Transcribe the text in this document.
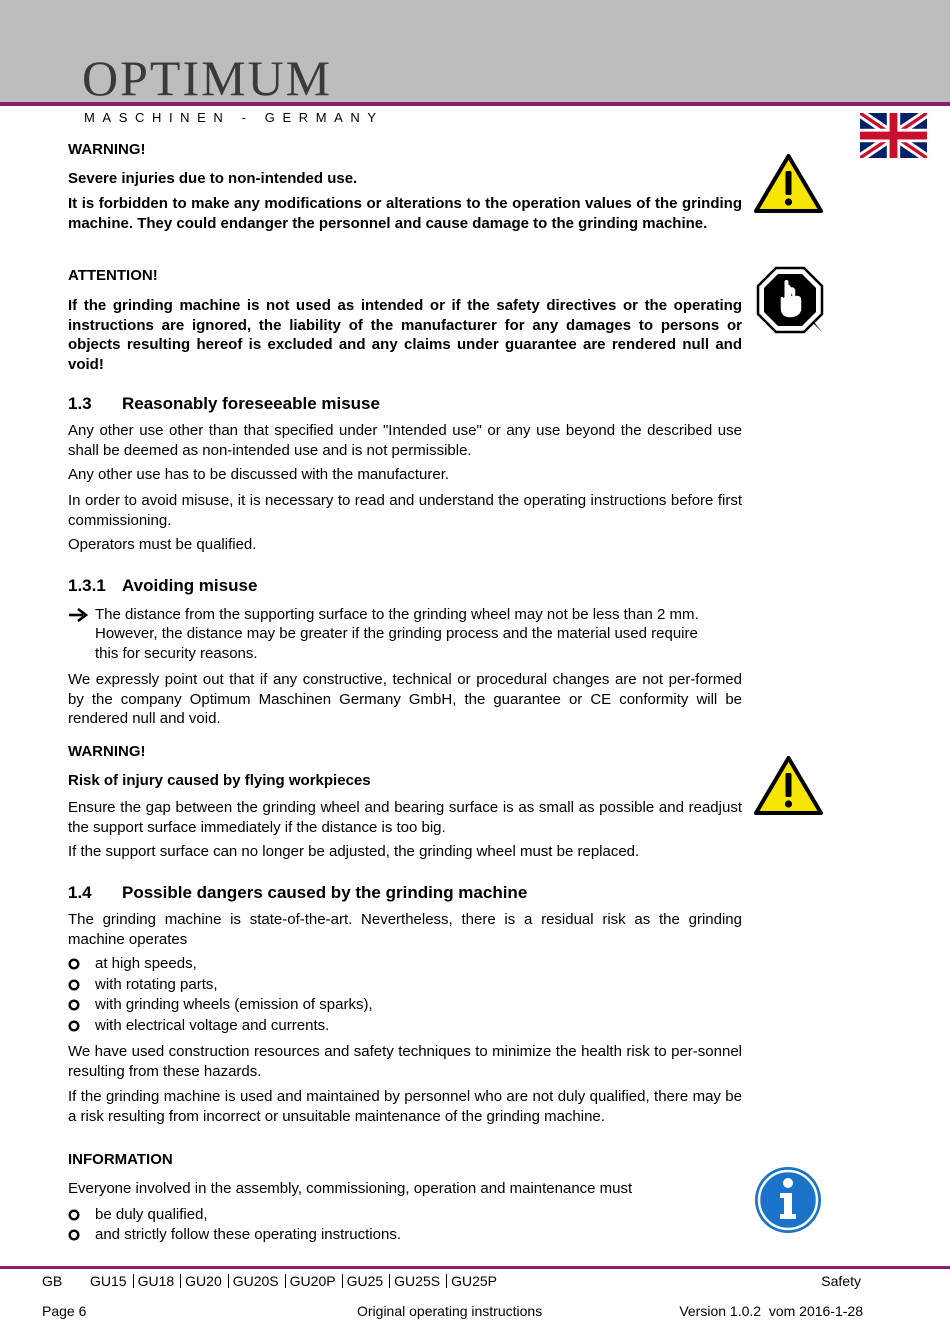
OPTIMUM
MASCHINEN - GERMANY
WARNING!
Severe injuries due to non-intended use.
It is forbidden to make any modifications or alterations to the operation values of the grinding machine. They could endanger the personnel and cause damage to the grinding machine.
ATTENTION!
If the grinding machine is not used as intended or if the safety directives or the operating instructions are ignored, the liability of the manufacturer for any damages to persons or objects resulting hereof is excluded and any claims under guarantee are rendered null and void!
1.3 Reasonably foreseeable misuse
Any other use other than that specified under "Intended use" or any use beyond the described use shall be deemed as non-intended use and is not permissible.
Any other use has to be discussed with the manufacturer.
In order to avoid misuse, it is necessary to read and understand the operating instructions before first commissioning.
Operators must be qualified.
1.3.1 Avoiding misuse
The distance from the supporting surface to the grinding wheel may not be less than 2 mm.
However, the distance may be greater if the grinding process and the material used require
this for security reasons.
We expressly point out that if any constructive, technical or procedural changes are not per-formed by the company Optimum Maschinen Germany GmbH, the guarantee or CE conformity will be rendered null and void.
WARNING!
Risk of injury caused by flying workpieces
Ensure the gap between the grinding wheel and bearing surface is as small as possible and readjust the support surface immediately if the distance is too big.
If the support surface can no longer be adjusted, the grinding wheel must be replaced.
1.4 Possible dangers caused by the grinding machine
The grinding machine is state-of-the-art. Nevertheless, there is a residual risk as the grinding machine operates
at high speeds,
with rotating parts,
with grinding wheels (emission of sparks),
with electrical voltage and currents.
We have used construction resources and safety techniques to minimize the health risk to per-sonnel resulting from these hazards.
If the grinding machine is used and maintained by personnel who are not duly qualified, there may be a risk resulting from incorrect or unsuitable maintenance of the grinding machine.
INFORMATION
Everyone involved in the assembly, commissioning, operation and maintenance must
be duly qualified,
and strictly follow these operating instructions.
GB GU15 GU18 GU20 GU20S GU20P GU25 GU25S GU25P	Safety
Page 6	Original operating instructions	Version 1.0.2  vom 2016-1-28
